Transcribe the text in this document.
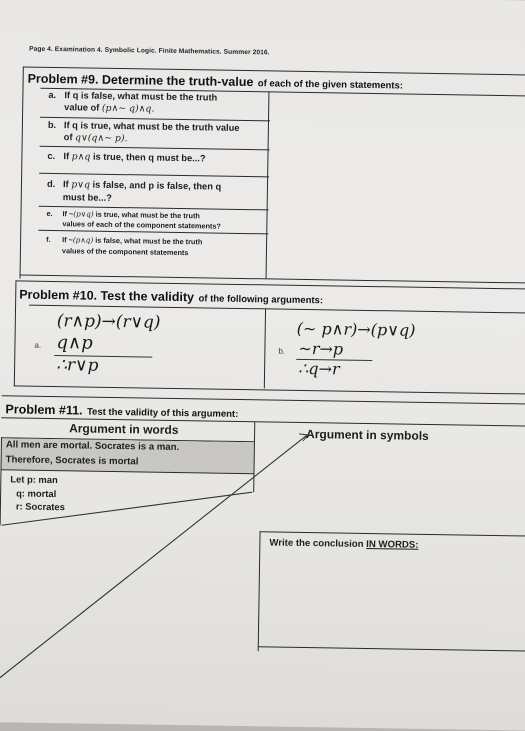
Page 4. Examination 4. Symbolic Logic. Finite Mathematics. Summer 2016.
Problem #9. Determine the truth-value of each of the given statements:
a. If q is false, what must be the truth
value of (p∧~ q)∧q.
b. If q is true, what must be the truth value
of q∨(q∧~ p).
c. If p∧q is true, then q must be...?
d. If p∨q is false, and p is false, then q
must be...?
e. If ~(p∨q) is true, what must be the truth
values of each of the component statements?
f. If ~(p∧q) is false, what must be the truth
values of the component statements
Problem #10. Test the validity of the following arguments:
(r∧p)→(r∨q)
a. q∧p
∴r∨p
(~ p∧r)→(p∨q)
b. ~r→p
∴q→r
Problem #11. Test the validity of this argument:
Argument in words	Argument in symbols
All men are mortal. Socrates is a man.
Therefore, Socrates is mortal
Let p: man
q: mortal
r: Socrates
Write the conclusion IN WORDS:
